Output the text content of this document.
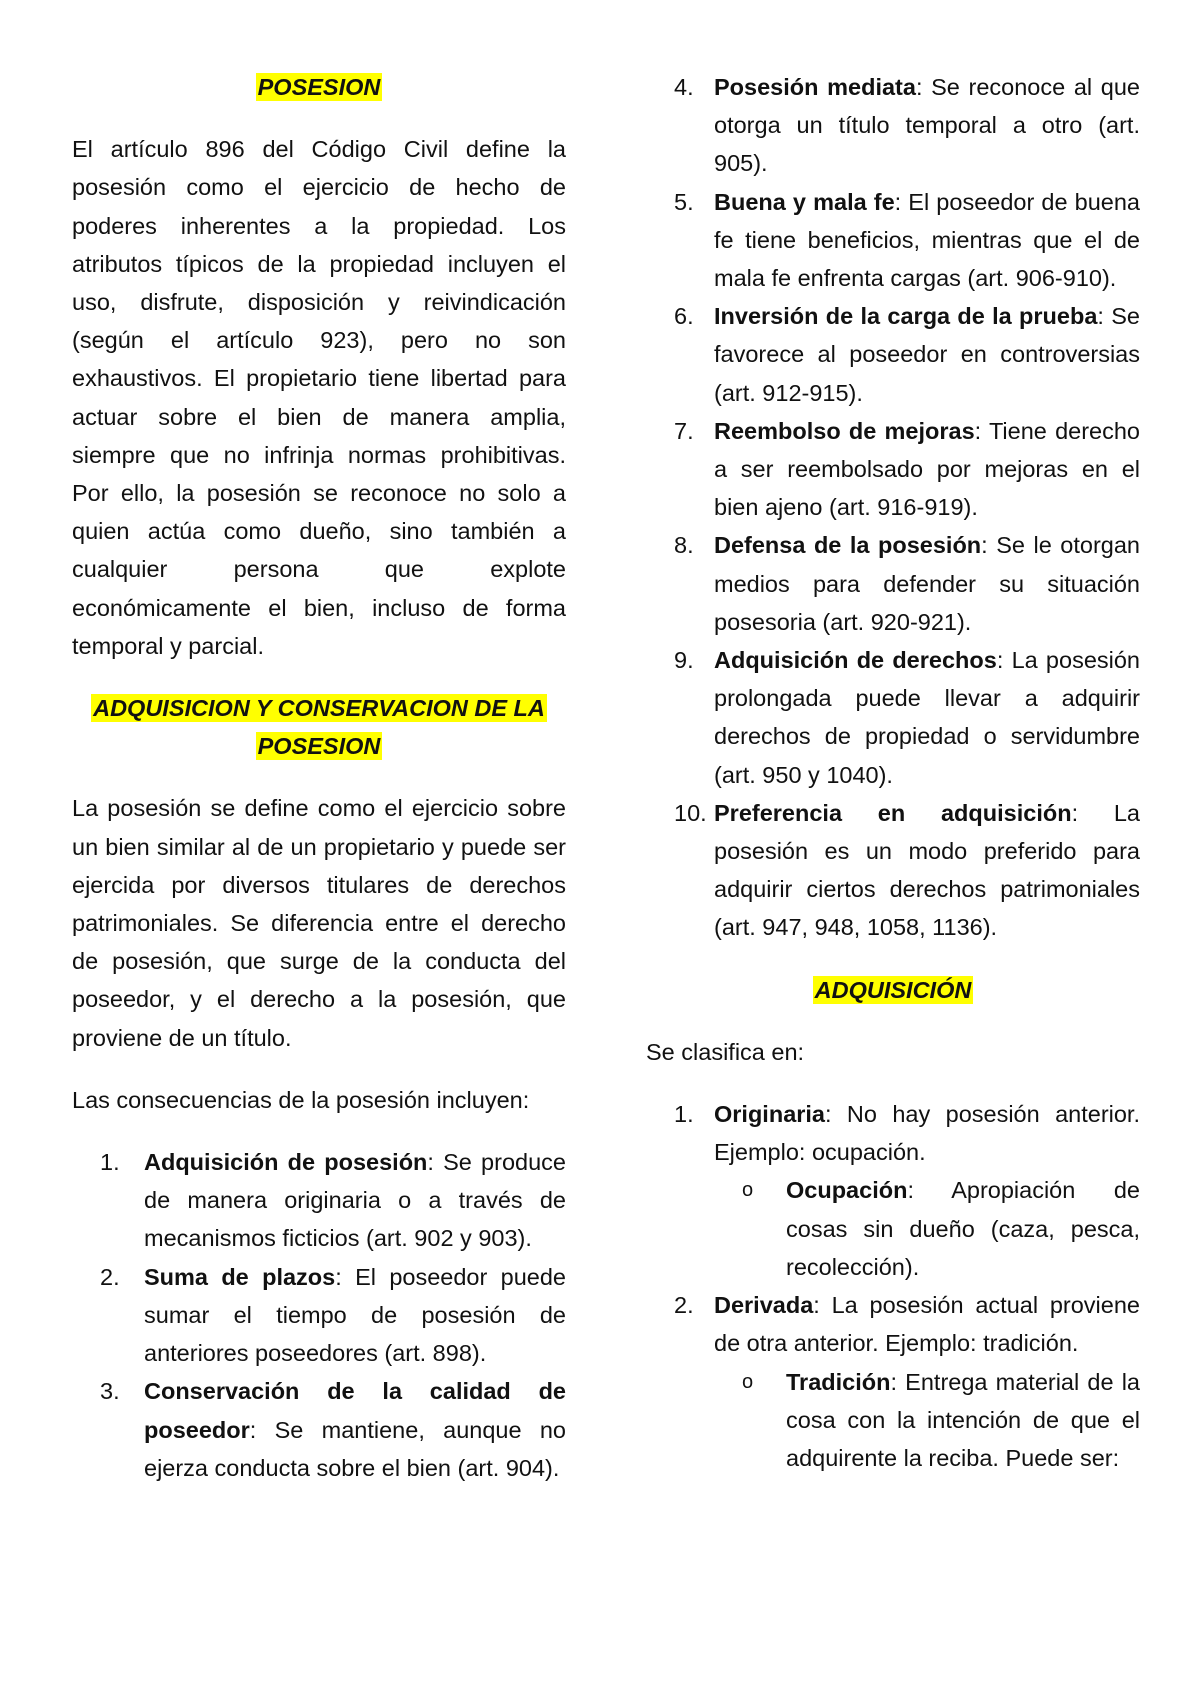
POSESION

El artículo 896 del Código Civil define la posesión como el ejercicio de hecho de poderes inherentes a la propiedad. Los atributos típicos de la propiedad incluyen el uso, disfrute, disposición y reivindicación (según el artículo 923), pero no son exhaustivos. El propietario tiene libertad para actuar sobre el bien de manera amplia, siempre que no infrinja normas prohibitivas. Por ello, la posesión se reconoce no solo a quien actúa como dueño, sino también a cualquier persona que explote económicamente el bien, incluso de forma temporal y parcial.

ADQUISICION Y CONSERVACION DE LA
POSESION

La posesión se define como el ejercicio sobre un bien similar al de un propietario y puede ser ejercida por diversos titulares de derechos patrimoniales. Se diferencia entre el derecho de posesión, que surge de la conducta del poseedor, y el derecho a la posesión, que proviene de un título.

Las consecuencias de la posesión incluyen:

1. Adquisición de posesión: Se produce de manera originaria o a través de mecanismos ficticios (art. 902 y 903).
2. Suma de plazos: El poseedor puede sumar el tiempo de posesión de anteriores poseedores (art. 898).
3. Conservación de la calidad de poseedor: Se mantiene, aunque no ejerza conducta sobre el bien (art. 904).
4. Posesión mediata: Se reconoce al que otorga un título temporal a otro (art. 905).
5. Buena y mala fe: El poseedor de buena fe tiene beneficios, mientras que el de mala fe enfrenta cargas (art. 906-910).
6. Inversión de la carga de la prueba: Se favorece al poseedor en controversias (art. 912-915).
7. Reembolso de mejoras: Tiene derecho a ser reembolsado por mejoras en el bien ajeno (art. 916-919).
8. Defensa de la posesión: Se le otorgan medios para defender su situación posesoria (art. 920-921).
9. Adquisición de derechos: La posesión prolongada puede llevar a adquirir derechos de propiedad o servidumbre (art. 950 y 1040).
10. Preferencia en adquisición: La posesión es un modo preferido para adquirir ciertos derechos patrimoniales (art. 947, 948, 1058, 1136).
ADQUISICIÓN

Se clasifica en:

1. Originaria: No hay posesión anterior. Ejemplo: ocupación.
o Ocupación: Apropiación de cosas sin dueño (caza, pesca, recolección).
2. Derivada: La posesión actual proviene de otra anterior. Ejemplo: tradición.
o Tradición: Entrega material de la cosa con la intención de que el adquirente la reciba. Puede ser:
